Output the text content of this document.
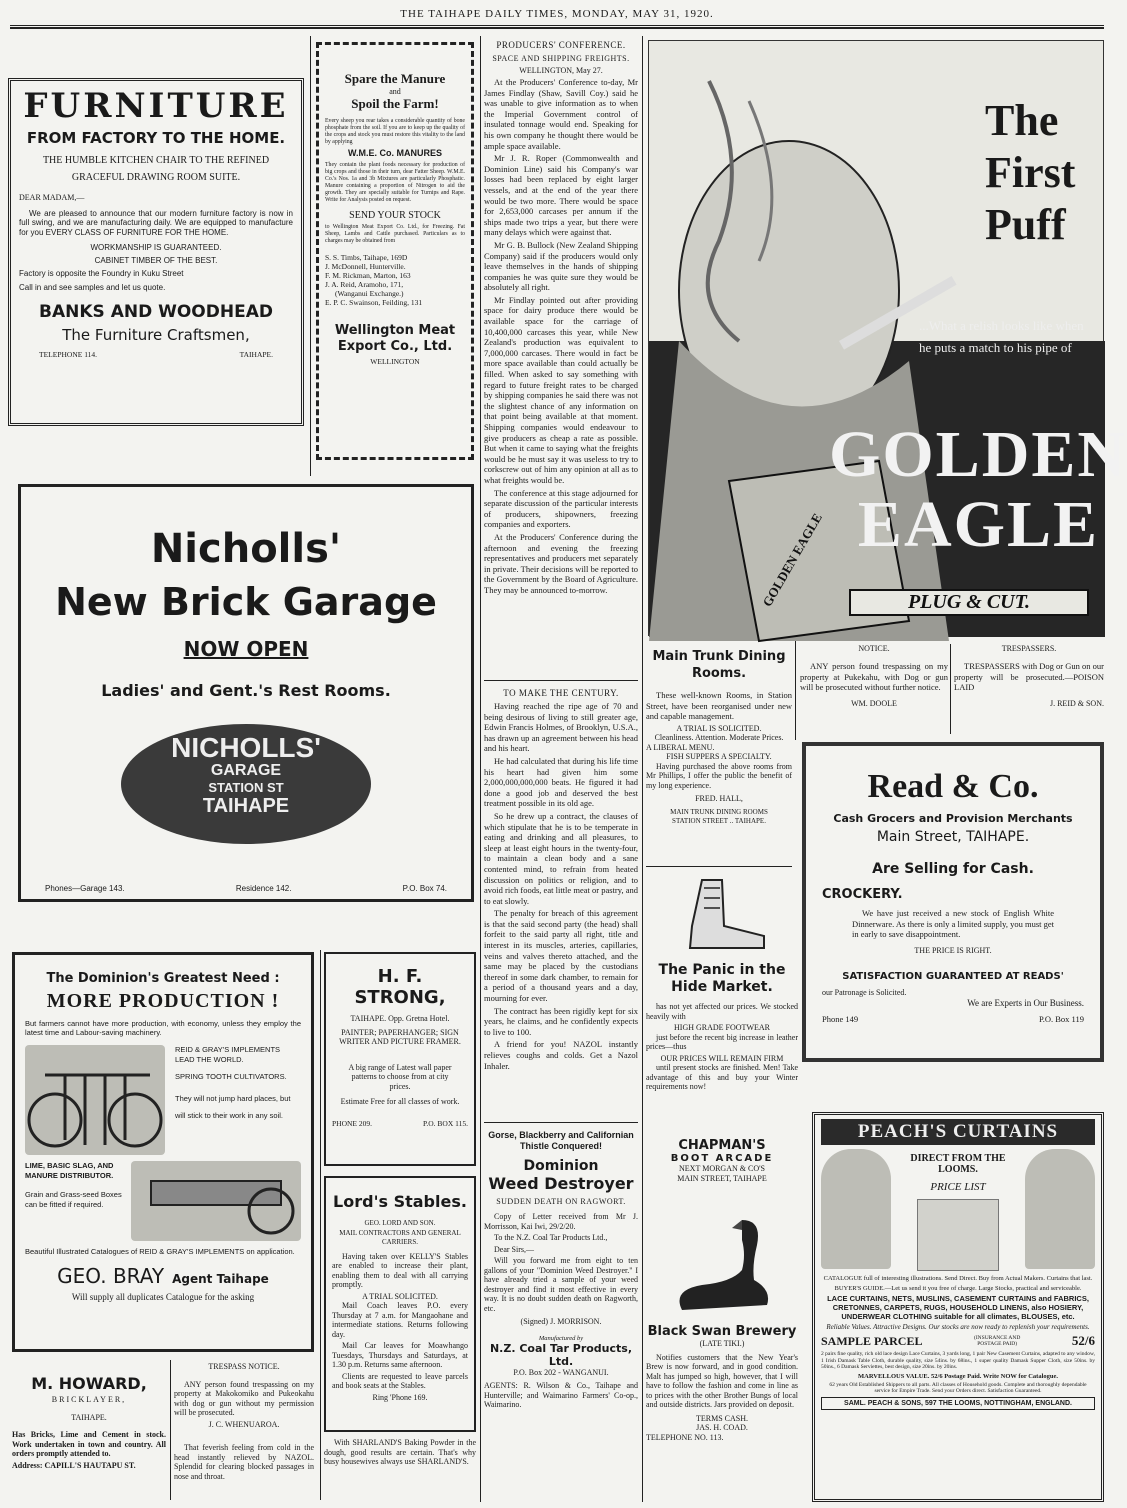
THE TAIHAPE DAILY TIMES, MONDAY, MAY 31, 1920.
FURNITURE
FROM FACTORY TO THE HOME.
THE HUMBLE KITCHEN CHAIR TO THE REFINED
GRACEFUL DRAWING ROOM SUITE.
DEAR MADAM,—
We are pleased to announce that our modern furniture factory is now in full swing, and we are manufacturing daily. We are equipped to manufacture for you EVERY CLASS OF FURNITURE FOR THE HOME.
WORKMANSHIP IS GUARANTEED.
CABINET TIMBER OF THE BEST.
Factory is opposite the Foundry in Kuku Street
Call in and see samples and let us quote.
BANKS AND WOODHEAD
The Furniture Craftsmen,
TELEPHONE 114.	TAIHAPE.
Spare the Manure
and
Spoil the Farm!
Every sheep you rear takes a considerable quantity of bone phosphate from the soil. If you are to keep up the quality of the crops and stock you must restore this vitality to the land by applying
W.M.E. Co. MANURES
They contain the plant foods necessary for production of big crops and those in their turn, dear Fatter Sheep. W.M.E. Co.'s Nos. 1a and 3b Mixtures are particularly Phosphatic. Manure containing a proportion of Nitrogen to aid the growth. They are specially suitable for Turnips and Rape. Write for Analysis posted on request.
SEND YOUR STOCK
to Wellington Meat Export Co. Ltd., for Freezing. Fat Sheep, Lambs and Cattle purchased. Particulars as to charges may be obtained from
S. S. Timbs, Taihape, 169D
J. McDonnell, Hunterville.
F. M. Rickman, Marton, 163
J. A. Reid, Aramoho, 171,
(Wanganui Exchange.)
E. P. C. Swainson, Feilding, 131
Wellington Meat Export Co., Ltd.
WELLINGTON
PRODUCERS' CONFERENCE.
SPACE AND SHIPPING FREIGHTS.
WELLINGTON, May 27.

At the Producers' Conference to-day, Mr James Findlay (Shaw, Savill Coy.) said he was unable to give information as to when the Imperial Government control of insulated tonnage would end. Speaking for his own company he thought there would be ample space available.

Mr J. R. Roper (Commonwealth and Dominion Line) said his Company's war losses had been replaced by eight larger vessels, and at the end of the year there would be two more. There would be space for 2,653,000 carcases per annum if the ships made two trips a year, but there were many delays which were against that.

Mr G. B. Bullock (New Zealand Shipping Company) said if the producers would only leave themselves in the hands of shipping companies he was quite sure they would be absolutely all right.

Mr Findlay pointed out after providing space for dairy produce there would be available space for the carriage of 10,400,000 carcases this year, while New Zealand's production was equivalent to 7,000,000 carcases. There would in fact be more space available than could actually be filled. When asked to say something with regard to future freight rates to be charged by shipping companies he said there was not the slightest chance of any information on that point being available at that moment. Shipping companies would endeavour to give producers as cheap a rate as possible. But when it came to saying what the freights would be he must say it was useless to try to corkscrew out of him any opinion at all as to what freights would be.

The conference at this stage adjourned for separate discussion of the particular interests of producers, shipowners, freezing companies and exporters.

At the Producers' Conference during the afternoon and evening the freezing representatives and producers met separately in private. Their decisions will be reported to the Government by the Board of Agriculture. They may be announced to-morrow.

TO MAKE THE CENTURY.

Having reached the ripe age of 70 and being desirous of living to still greater age, Edwin Francis Holmes, of Brooklyn, U.S.A., has drawn up an agreement between his head and his heart.

He had calculated that during his life time his heart had given him some 2,000,000,000,000 beats. He figured it had done a good job and deserved the best treatment possible in its old age.

So he drew up a contract, the clauses of which stipulate that he is to be temperate in eating and drinking and all pleasures, to sleep at least eight hours in the twenty-four, to maintain a clean body and a sane contented mind, to refrain from heated discussion on politics or religion, and to avoid rich foods, eat little meat or pastry, and to eat slowly.

The penalty for breach of this agreement is that the said second party (the head) shall forfeit to the said party all right, title and interest in its muscles, arteries, capillaries, veins and valves thereto attached, and the same may be placed by the custodians thereof in some dark chamber, to remain for a period of a thousand years and a day, mourning for ever.

The contract has been rigidly kept for six years, he claims, and he confidently expects to live to 100.

A friend for you! NAZOL instantly relieves coughs and colds. Get a Nazol Inhaler.

The
First
Puff
...What a relish looks like when he puts a match to his pipe of
GOLDEN
EAGLE
GOLDEN EAGLE	PLUG & CUT.
Nicholls'
New Brick Garage
NOW OPEN
Ladies' and Gent.'s Rest Rooms.
NICHOLLS'
GARAGE
STATION ST
TAIHAPE
Phones—Garage 143.	Residence 142.	P.O. Box 74.
Main Trunk Dining Rooms.

These well-known Rooms, in Station Street, have been reorganised under new and capable management.

A TRIAL IS SOLICITED.
Cleanliness. Attention. Moderate Prices.
A LIBERAL MENU.
FISH SUPPERS A SPECIALTY.

Having purchased the above rooms from Mr Phillips, I offer the public the benefit of my long experience.

FRED. HALL,
MAIN TRUNK DINING ROOMS
STATION STREET .. TAIHAPE.
NOTICE.

ANY person found trespassing on my property at Pukekahu, with Dog or gun will be prosecuted without further notice.

WM. DOOLE
TRESPASSERS.

TRESPASSERS with Dog or Gun on our property will be prosecuted.—POISON LAID

J. REID & SON.
Read & Co.
Cash Grocers and Provision Merchants
Main Street, TAIHAPE.
Are Selling for Cash.
CROCKERY.

We have just received a new stock of English White Dinnerware. As there is only a limited supply, you must get in early to save disappointment.

THE PRICE IS RIGHT.
SATISFACTION GUARANTEED AT READS'
our Patronage is Solicited.
We are Experts in Our Business.
Phone 149	P.O. Box 119
The Dominion's Greatest Need :
MORE PRODUCTION !

But farmers cannot have more production, with economy, unless they employ the latest time and Labour-saving machinery.

REID & GRAY'S IMPLEMENTS LEAD THE WORLD.
SPRING TOOTH CULTIVATORS.
They will not jump hard places, but will stick to their work in any soil.
LIME, BASIC SLAG, AND MANURE DISTRIBUTOR.
Grain and Grass-seed Boxes can be fitted if required.

Beautiful Illustrated Catalogues of REID & GRAY'S IMPLEMENTS on application.

GEO. BRAY Agent Taihape
Will supply all duplicates Catalogue for the asking
H. F. STRONG,
TAIHAPE. Opp. Gretna Hotel.
PAINTER; PAPERHANGER; SIGN WRITER AND PICTURE FRAMER.

A big range of Latest wall paper patterns to choose from at city prices.

Estimate Free for all classes of work.

PHONE 209.	P.O. BOX 115.
Lord's Stables.
GEO. LORD AND SON.
MAIL CONTRACTORS AND GENERAL CARRIERS.

Having taken over KELLY'S Stables are enabled to increase their plant, enabling them to deal with all carrying promptly.

A TRIAL SOLICITED.

Mail Coach leaves P.O. every Thursday at 7 a.m. for Mangaohane and intermediate stations. Returns following day.

Mail Car leaves for Moawhango Tuesdays, Thursdays and Saturdays, at 1.30 p.m. Returns same afternoon.

Clients are requested to leave parcels and book seats at the Stables.

Ring 'Phone 169.

With SHARLAND'S Baking Powder in the dough, good results are certain. That's why busy housewives always use SHARLAND'S.

Gorse, Blackberry and Californian Thistle Conquered!
Dominion
Weed Destroyer
SUDDEN DEATH ON RAGWORT.

Copy of Letter received from Mr J. Morrisson, Kai Iwi, 29/2/20.

To the N.Z. Coal Tar Products Ltd.,

Dear Sirs,—

Will you forward me from eight to ten gallons of your "Dominion Weed Destroyer." I have already tried a sample of your weed destroyer and find it most effective in every way. It is no doubt sudden death on Ragworth, etc.

(Signed) J. MORRISON.
Manufactured by
N.Z. Coal Tar Products, Ltd.
P.O. Box 202 - WANGANUI.

AGENTS: R. Wilson & Co., Taihape and Hunterville; and Waimarino Farmers' Co-op., Waimarino.

The Panic in the Hide Market.

has not yet affected our prices. We stocked heavily with

HIGH GRADE FOOTWEAR

just before the recent big increase in leather prices—thus

OUR PRICES WILL REMAIN FIRM

until present stocks are finished. Men! Take advantage of this and buy your Winter requirements now!

CHAPMAN'S
BOOT ARCADE
NEXT MORGAN & CO'S
MAIN STREET, TAIHAPE
Black Swan Brewery
(LATE TIKI.)

Notifies customers that the New Year's Brew is now forward, and in good condition. Malt has jumped so high, however, that I will have to follow the fashion and come in line as to prices with the other Brother Bungs of local and outside districts. Jars provided on deposit.

TERMS CASH.
JAS. H. COAD.
TELEPHONE NO. 113.
PEACH'S CURTAINS
DIRECT FROM THE LOOMS.
PRICE LIST

CATALOGUE full of interesting illustrations. Send Direct. Buy from Actual Makers. Curtains that last.

BUYER'S GUIDE.—Let us send it you free of charge. Large Stocks, practical and serviceable.

LACE CURTAINS, NETS, MUSLINS, CASEMENT CURTAINS and FABRICS, CRETONNES, CARPETS, RUGS, HOUSEHOLD LINENS, also HOSIERY, UNDERWEAR CLOTHING suitable for all climates, BLOUSES, etc.

Reliable Values. Attractive Designs. Our stocks are now ready to replenish your requirements.

SAMPLE PARCEL	(INSURANCE AND POSTAGE PAID)	52/6

2 pairs fine quality, rich old lace design Lace Curtains, 3 yards long, 1 pair New Casement Curtains, adapted to any window, 1 Irish Damask Table Cloth, durable quality, size 54ins. by 68ins., 1 super quality Damask Supper Cloth, size 50ins. by 50ins., 6 Damask Serviettes, best design, size 20ins. by 20ins.

MARVELLOUS VALUE. 52/6 Postage Paid. Write NOW for Catalogue.

62 years Old Established Shippers to all parts. All classes of Household goods. Complete and thoroughly dependable service for Empire Trade. Send your Orders direct. Satisfaction Guaranteed.

SAML. PEACH & SONS, 597 THE LOOMS, NOTTINGHAM, ENGLAND.
M. HOWARD,
BRICKLAYER,
TAIHAPE.

Has Bricks, Lime and Cement in stock. Work undertaken in town and country. All orders promptly attended to.

Address: CAPILL'S HAUTAPU ST.
TRESPASS NOTICE.

ANY person found trespassing on my property at Makokomiko and Pukeokahu with dog or gun without my permission will be prosecuted.

J. C. WHENUAROA.

That feverish feeling from cold in the head instantly relieved by NAZOL. Splendid for clearing blocked passages in nose and throat.
